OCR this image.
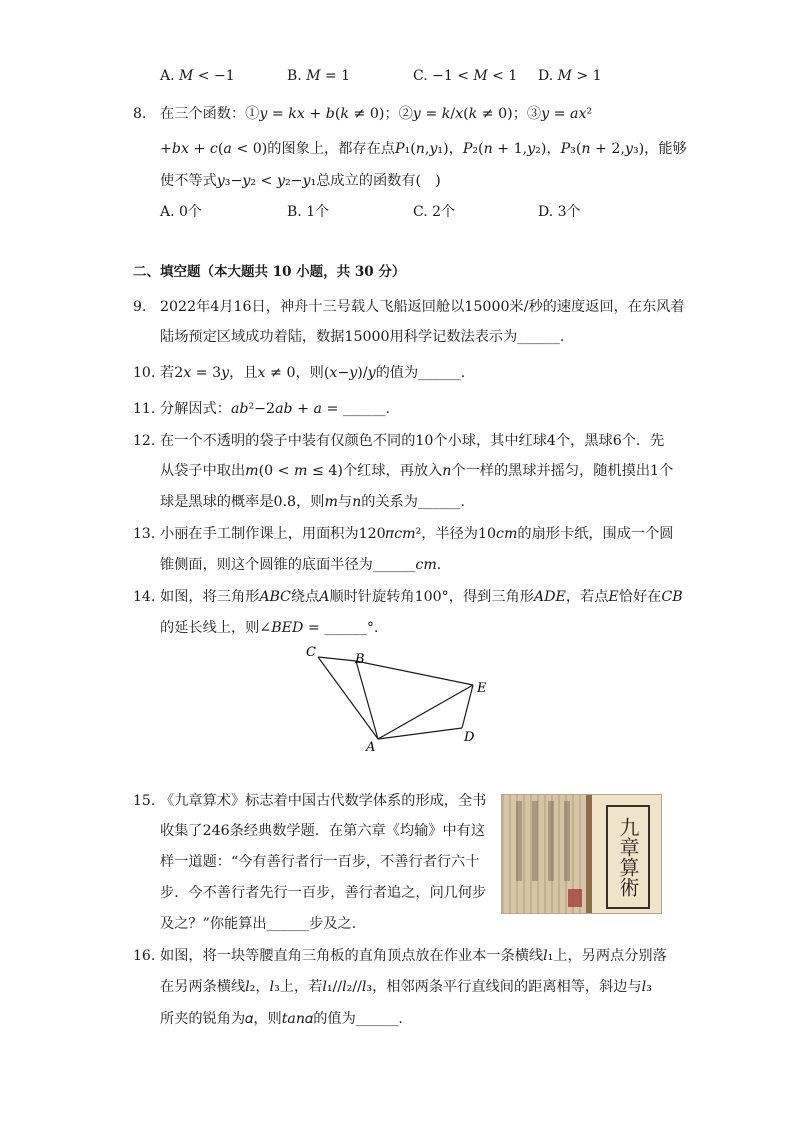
A. 𝑀 < −1	B. 𝑀 = 1	C. −1 < 𝑀 < 1 D. 𝑀 > 1
8. 在三个函数：①𝑦 = 𝑘𝑥 + 𝑏(𝑘 ≠ 0)；②𝑦 = 𝑘/𝑥(𝑘 ≠ 0)；③𝑦 = 𝑎𝑥²
+𝑏𝑥 + 𝑐(𝑎 < 0)的图象上，都存在点𝑃₁(𝑛,𝑦₁)，𝑃₂(𝑛 + 1,𝑦₂)，𝑃₃(𝑛 + 2,𝑦₃)，能够
使不等式𝑦₃−𝑦₂ < 𝑦₂−𝑦₁总成立的函数有(　)
A. 0个	B. 1个	C. 2个	D. 3个
二、填空题（本大题共 10 小题，共 30 分）
9. 2022年4月16日，神舟十三号载人飞船返回舱以15000米/秒的速度返回，在东风着
陆场预定区域成功着陆，数据15000用科学记数法表示为______.
10. 若2𝑥 = 3𝑦，且𝑥 ≠ 0，则(𝑥−𝑦)/𝑦的值为______.
11. 分解因式：𝑎𝑏²−2𝑎𝑏 + 𝑎 = ______.
12. 在一个不透明的袋子中装有仅颜色不同的10个小球，其中红球4个，黑球6个．先
从袋子中取出𝑚(0 < 𝑚 ≤ 4)个红球，再放入𝑛个一样的黑球并摇匀，随机摸出1个
球是黑球的概率是0.8，则𝑚与𝑛的关系为______.
13. 小丽在手工制作课上，用面积为120𝜋𝑐𝑚²，半径为10𝑐𝑚的扇形卡纸，围成一个圆
锥侧面，则这个圆锥的底面半径为______𝑐𝑚.
14. 如图，将三角形𝐴𝐵𝐶绕点𝐴顺时针旋转角100°，得到三角形𝐴𝐷𝐸，若点𝐸恰好在𝐶𝐵
的延长线上，则∠𝐵𝐸𝐷 = ______°.
C	B
E
A
D
15. 《九章算术》标志着中国古代数学体系的形成，全书
收集了246条经典数学题．在第六章《均输》中有这
样一道题：“今有善行者行一百步，不善行者行六十
步．今不善行者先行一百步，善行者追之，问几何步
及之？”你能算出______步及之．
九章算術
16. 如图，将一块等腰直角三角板的直角顶点放在作业本一条横线𝑙₁上，另两点分别落
在另两条横线𝑙₂，𝑙₃上，若𝑙₁//𝑙₂//𝑙₃，相邻两条平行直线间的距离相等，斜边与𝑙₃
所夹的锐角为𝛼，则𝑡𝑎𝑛𝛼的值为______.
